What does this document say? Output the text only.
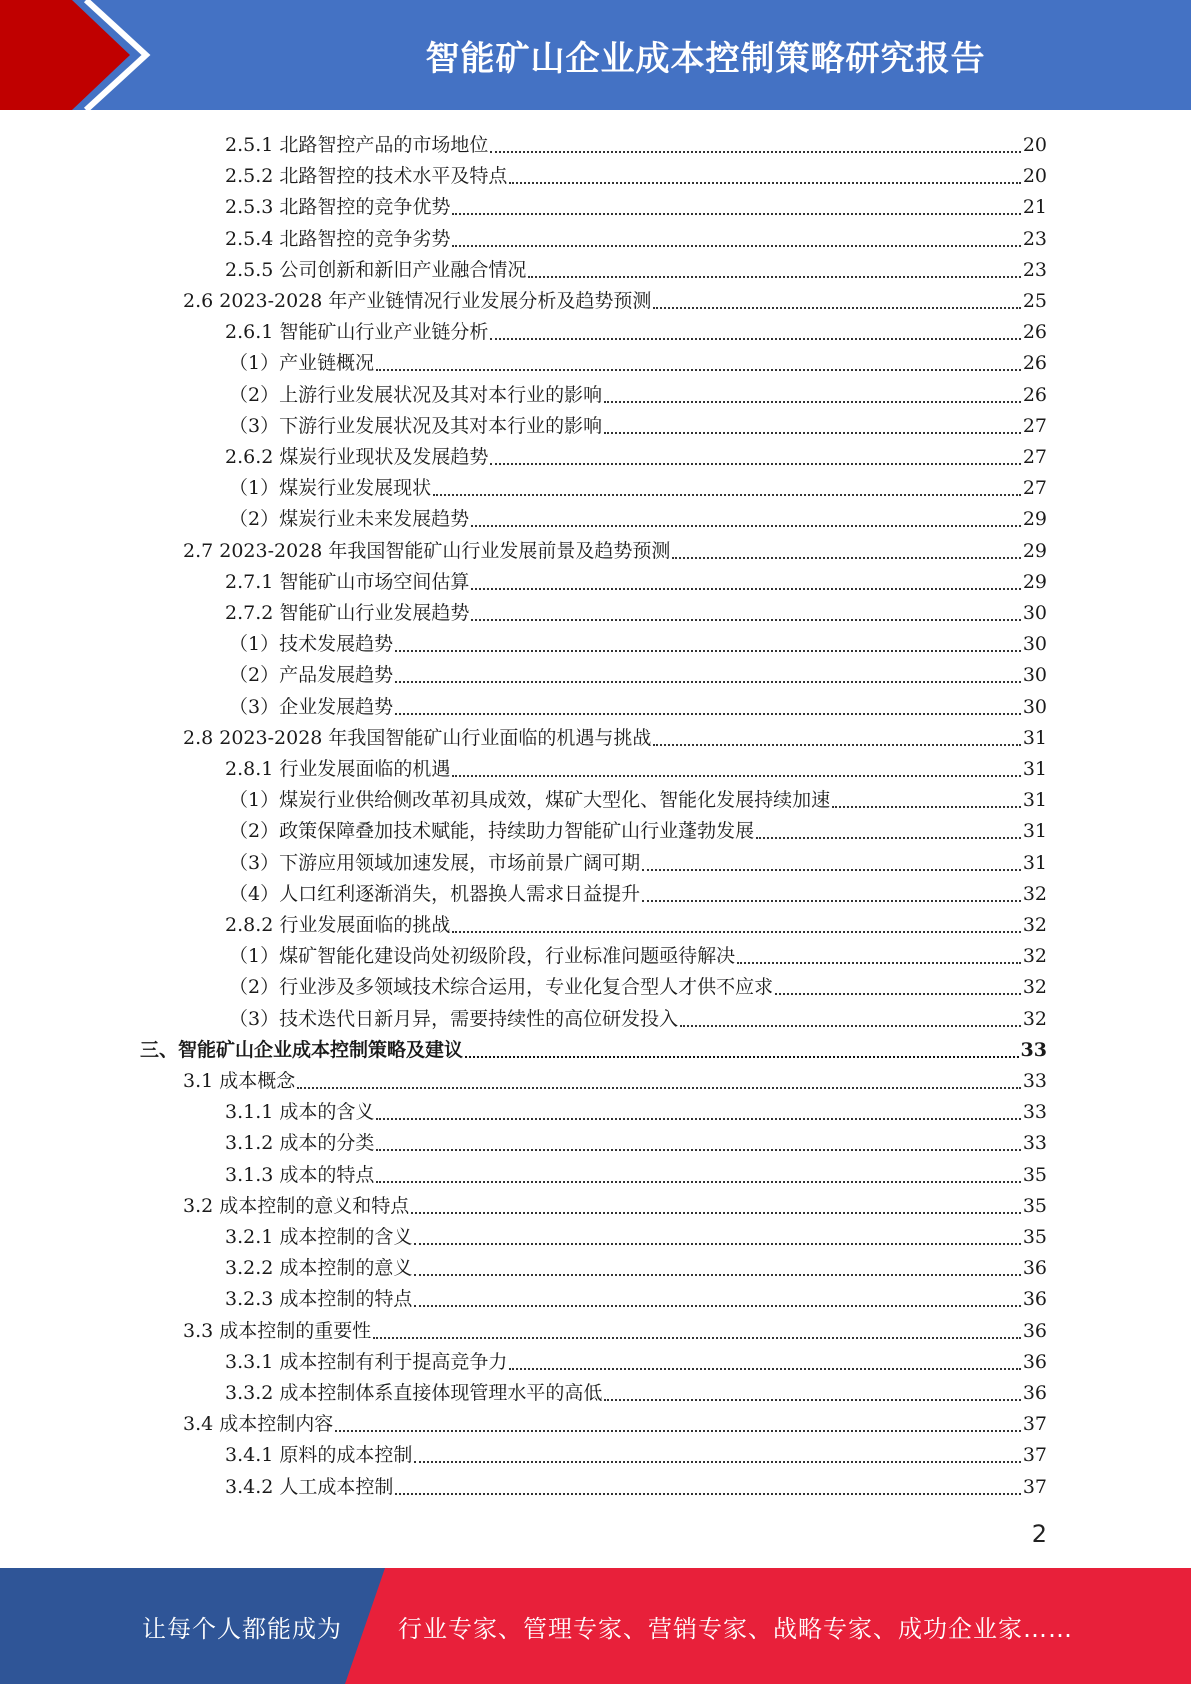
智能矿山企业成本控制策略研究报告
2.5.1 北路智控产品的市场地位	20
2.5.2 北路智控的技术水平及特点	20
2.5.3 北路智控的竞争优势	21
2.5.4 北路智控的竞争劣势	23
2.5.5 公司创新和新旧产业融合情况	23
2.6 2023-2028 年产业链情况行业发展分析及趋势预测	25
2.6.1 智能矿山行业产业链分析	26
（1）产业链概况	26
（2）上游行业发展状况及其对本行业的影响	26
（3）下游行业发展状况及其对本行业的影响	27
2.6.2 煤炭行业现状及发展趋势	27
（1）煤炭行业发展现状	27
（2）煤炭行业未来发展趋势	29
2.7 2023-2028 年我国智能矿山行业发展前景及趋势预测	29
2.7.1 智能矿山市场空间估算	29
2.7.2 智能矿山行业发展趋势	30
（1）技术发展趋势	30
（2）产品发展趋势	30
（3）企业发展趋势	30
2.8 2023-2028 年我国智能矿山行业面临的机遇与挑战	31
2.8.1 行业发展面临的机遇	31
（1）煤炭行业供给侧改革初具成效，煤矿大型化、智能化发展持续加速	31
（2）政策保障叠加技术赋能，持续助力智能矿山行业蓬勃发展	31
（3）下游应用领域加速发展，市场前景广阔可期	31
（4）人口红利逐渐消失，机器换人需求日益提升	32
2.8.2 行业发展面临的挑战	32
（1）煤矿智能化建设尚处初级阶段，行业标准问题亟待解决	32
（2）行业涉及多领域技术综合运用，专业化复合型人才供不应求	32
（3）技术迭代日新月异，需要持续性的高位研发投入	32
三、智能矿山企业成本控制策略及建议	33
3.1 成本概念	33
3.1.1 成本的含义	33
3.1.2 成本的分类	33
3.1.3 成本的特点	35
3.2 成本控制的意义和特点	35
3.2.1 成本控制的含义	35
3.2.2 成本控制的意义	36
3.2.3 成本控制的特点	36
3.3 成本控制的重要性	36
3.3.1 成本控制有利于提高竞争力	36
3.3.2 成本控制体系直接体现管理水平的高低	36
3.4 成本控制内容	37
3.4.1 原料的成本控制	37
3.4.2 人工成本控制	37
2
让每个人都能成为 行业专家、管理专家、营销专家、战略专家、成功企业家……
